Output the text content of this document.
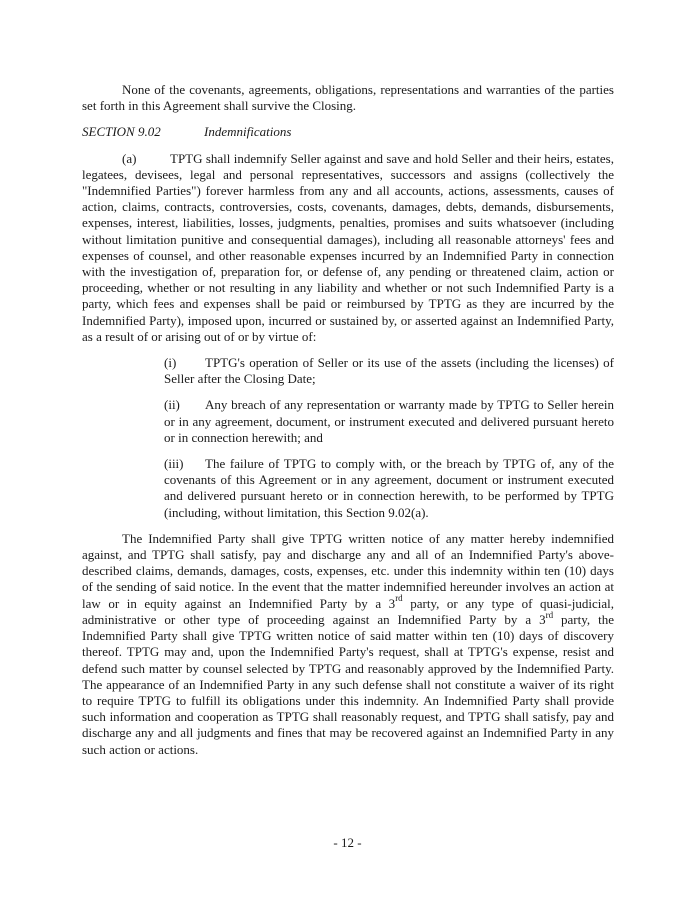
None of the covenants, agreements, obligations, representations and warranties of the parties set forth in this Agreement shall survive the Closing.

SECTION 9.02	Indemnifications

(a)	TPTG shall indemnify Seller against and save and hold Seller and their heirs, estates, legatees, devisees, legal and personal representatives, successors and assigns (collectively the "Indemnified Parties") forever harmless from any and all accounts, actions, assessments, causes of action, claims, contracts, controversies, costs, covenants, damages, debts, demands, disbursements, expenses, interest, liabilities, losses, judgments, penalties, promises and suits whatsoever (including without limitation punitive and consequential damages), including all reasonable attorneys' fees and expenses of counsel, and other reasonable expenses incurred by an Indemnified Party in connection with the investigation of, preparation for, or defense of, any pending or threatened claim, action or proceeding, whether or not resulting in any liability and whether or not such Indemnified Party is a party, which fees and expenses shall be paid or reimbursed by TPTG as they are incurred by the Indemnified Party), imposed upon, incurred or sustained by, or asserted against an Indemnified Party, as a result of or arising out of or by virtue of:

(i) TPTG's operation of Seller or its use of the assets (including the licenses) of Seller after the Closing Date;

(ii) Any breach of any representation or warranty made by TPTG to Seller herein or in any agreement, document, or instrument executed and delivered pursuant hereto or in connection herewith; and

(iii) The failure of TPTG to comply with, or the breach by TPTG of, any of the covenants of this Agreement or in any agreement, document or instrument executed and delivered pursuant hereto or in connection herewith, to be performed by TPTG (including, without limitation, this Section 9.02(a).

The Indemnified Party shall give TPTG written notice of any matter hereby indemnified against, and TPTG shall satisfy, pay and discharge any and all of an Indemnified Party's above-described claims, demands, damages, costs, expenses, etc. under this indemnity within ten (10) days of the sending of said notice. In the event that the matter indemnified hereunder involves an action at law or in equity against an Indemnified Party by a 3rd party, or any type of quasi-judicial, administrative or other type of proceeding against an Indemnified Party by a 3rd party, the Indemnified Party shall give TPTG written notice of said matter within ten (10) days of discovery thereof. TPTG may and, upon the Indemnified Party's request, shall at TPTG's expense, resist and defend such matter by counsel selected by TPTG and reasonably approved by the Indemnified Party. The appearance of an Indemnified Party in any such defense shall not constitute a waiver of its right to require TPTG to fulfill its obligations under this indemnity. An Indemnified Party shall provide such information and cooperation as TPTG shall reasonably request, and TPTG shall satisfy, pay and discharge any and all judgments and fines that may be recovered against an Indemnified Party in any such action or actions.

- 12 -
